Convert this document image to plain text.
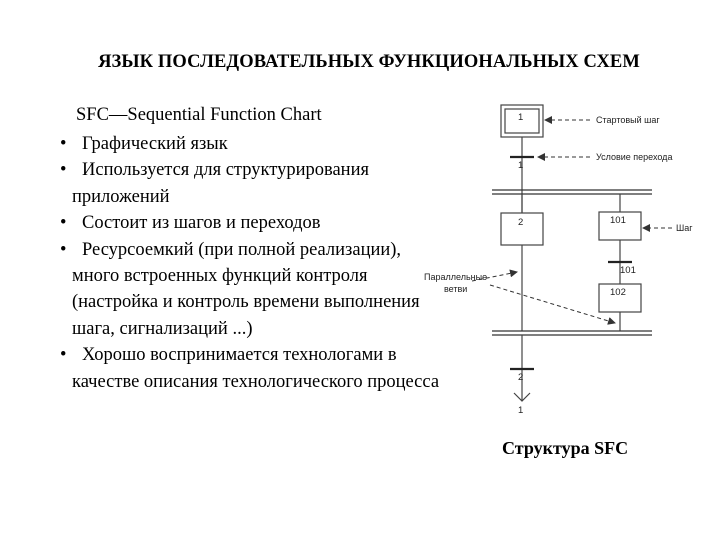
ЯЗЫК ПОСЛЕДОВАТЕЛЬНЫХ ФУНКЦИОНАЛЬНЫХ СХЕМ
SFC—Sequential Function Chart
• Графический язык
• Используется для структурирования приложений
• Состоит из шагов и переходов
• Ресурсоемкий (при полной реализации), много встроенных функций контроля (настройка и контроль времени выполнения шага, сигнализаций ...)
• Хорошо воспринимается технологами в качестве описания технологического процесса
1
1
2	101
101
102
2
1
Стартовый шаг
Условие перехода
Шаг
Параллельные
ветви
Структура SFC
